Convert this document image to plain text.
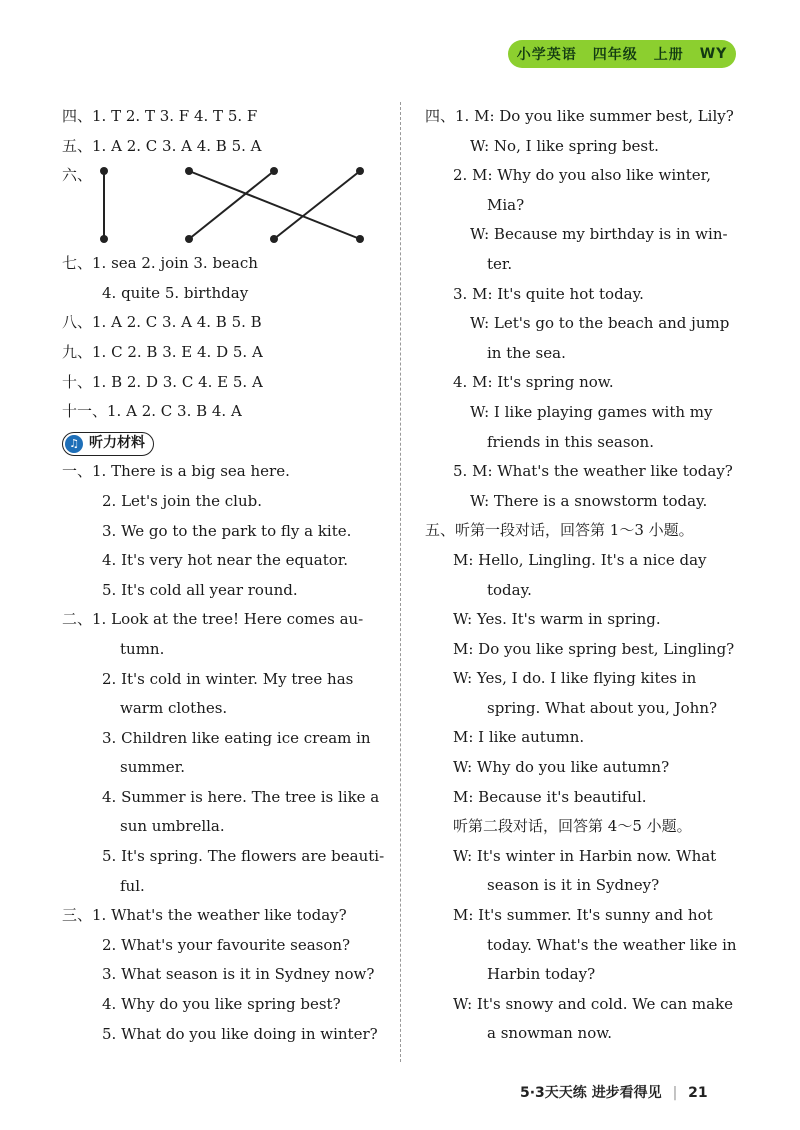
小学英语 四年级 上册 WY
四、1. T 2. T 3. F 4. T 5. F
五、1. A 2. C 3. A 4. B 5. A
六、
七、1. sea 2. join 3. beach
4. quite 5. birthday
八、1. A 2. C 3. A 4. B 5. B
九、1. C 2. B 3. E 4. D 5. A
十、1. B 2. D 3. C 4. E 5. A
十一、1. A 2. C 3. B 4. A
♫ 听力材料
一、1. There is a big sea here.
2. Let's join the club.
3. We go to the park to fly a kite.
4. It's very hot near the equator.
5. It's cold all year round.
二、1. Look at the tree! Here comes au-
tumn.
2. It's cold in winter. My tree has
warm clothes.
3. Children like eating ice cream in
summer.
4. Summer is here. The tree is like a
sun umbrella.
5. It's spring. The flowers are beauti-
ful.
三、1. What's the weather like today?
2. What's your favourite season?
3. What season is it in Sydney now?
4. Why do you like spring best?
5. What do you like doing in winter?
四、1. M: Do you like summer best, Lily?
W: No, I like spring best.
2. M: Why do you also like winter,
Mia?
W: Because my birthday is in win-
ter.
3. M: It's quite hot today.
W: Let's go to the beach and jump
in the sea.
4. M: It's spring now.
W: I like playing games with my
friends in this season.
5. M: What's the weather like today?
W: There is a snowstorm today.
五、听第一段对话，回答第 1～3 小题。
M: Hello, Lingling. It's a nice day
today.
W: Yes. It's warm in spring.
M: Do you like spring best, Lingling?
W: Yes, I do. I like flying kites in
spring. What about you, John?
M: I like autumn.
W: Why do you like autumn?
M: Because it's beautiful.
听第二段对话，回答第 4～5 小题。
W: It's winter in Harbin now. What
season is it in Sydney?
M: It's summer. It's sunny and hot
today. What's the weather like in
Harbin today?
W: It's snowy and cold. We can make
a snowman now.
5·3天天练 进步看得见 | 21
